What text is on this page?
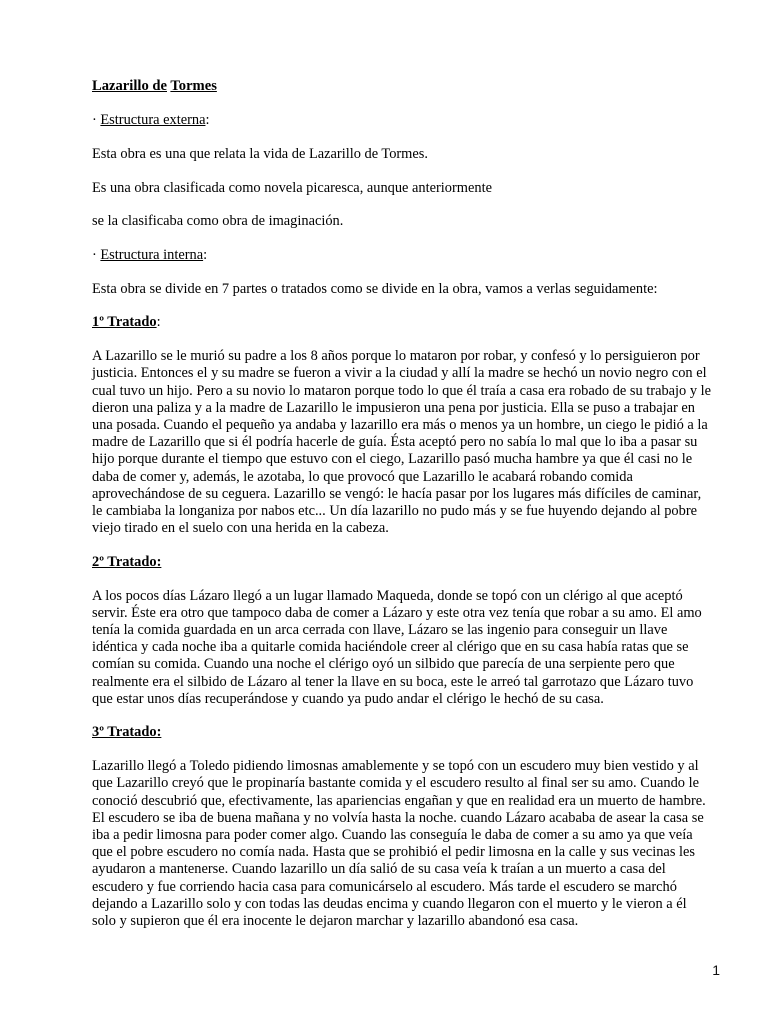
Lazarillo de Tormes

· Estructura externa:

Esta obra es una que relata la vida de Lazarillo de Tormes.

Es una obra clasificada como novela picaresca, aunque anteriormente

se la clasificaba como obra de imaginación.

· Estructura interna:

Esta obra se divide en 7 partes o tratados como se divide en la obra, vamos a verlas seguidamente:

1º Tratado:

A Lazarillo se le murió su padre a los 8 años porque lo mataron por robar, y confesó y lo persiguieron por justicia. Entonces el y su madre se fueron a vivir a la ciudad y allí la madre se hechó un novio negro con el cual tuvo un hijo. Pero a su novio lo mataron porque todo lo que él traía a casa era robado de su trabajo y le dieron una paliza y a la madre de Lazarillo le impusieron una pena por justicia. Ella se puso a trabajar en una posada. Cuando el pequeño ya andaba y lazarillo era más o menos ya un hombre, un ciego le pidió a la madre de Lazarillo que si él podría hacerle de guía. Ésta aceptó pero no sabía lo mal que lo iba a pasar su hijo porque durante el tiempo que estuvo con el ciego, Lazarillo pasó mucha hambre ya que él casi no le daba de comer y, además, le azotaba, lo que provocó que Lazarillo le acabará robando comida aprovechándose de su ceguera. Lazarillo se vengó: le hacía pasar por los lugares más difíciles de caminar, le cambiaba la longaniza por nabos etc... Un día lazarillo no pudo más y se fue huyendo dejando al pobre viejo tirado en el suelo con una herida en la cabeza.

2º Tratado:

A los pocos días Lázaro llegó a un lugar llamado Maqueda, donde se topó con un clérigo al que aceptó servir. Éste era otro que tampoco daba de comer a Lázaro y este otra vez tenía que robar a su amo. El amo tenía la comida guardada en un arca cerrada con llave, Lázaro se las ingenio para conseguir un llave idéntica y cada noche iba a quitarle comida haciéndole creer al clérigo que en su casa había ratas que se comían su comida. Cuando una noche el clérigo oyó un silbido que parecía de una serpiente pero que realmente era el silbido de Lázaro al tener la llave en su boca, este le arreó tal garrotazo que Lázaro tuvo que estar unos días recuperándose y cuando ya pudo andar el clérigo le hechó de su casa.

3º Tratado:

Lazarillo llegó a Toledo pidiendo limosnas amablemente y se topó con un escudero muy bien vestido y al que Lazarillo creyó que le propinaría bastante comida y el escudero resulto al final ser su amo. Cuando le conoció descubrió que, efectivamente, las apariencias engañan y que en realidad era un muerto de hambre. El escudero se iba de buena mañana y no volvía hasta la noche. cuando Lázaro acababa de asear la casa se iba a pedir limosna para poder comer algo. Cuando las conseguía le daba de comer a su amo ya que veía que el pobre escudero no comía nada. Hasta que se prohibió el pedir limosna en la calle y sus vecinas les ayudaron a mantenerse. Cuando lazarillo un día salió de su casa veía k traían a un muerto a casa del escudero y fue corriendo hacia casa para comunicárselo al escudero. Más tarde el escudero se marchó dejando a Lazarillo solo y con todas las deudas encima y cuando llegaron con el muerto y le vieron a él solo y supieron que él era inocente le dejaron marchar y lazarillo abandonó esa casa.

1
